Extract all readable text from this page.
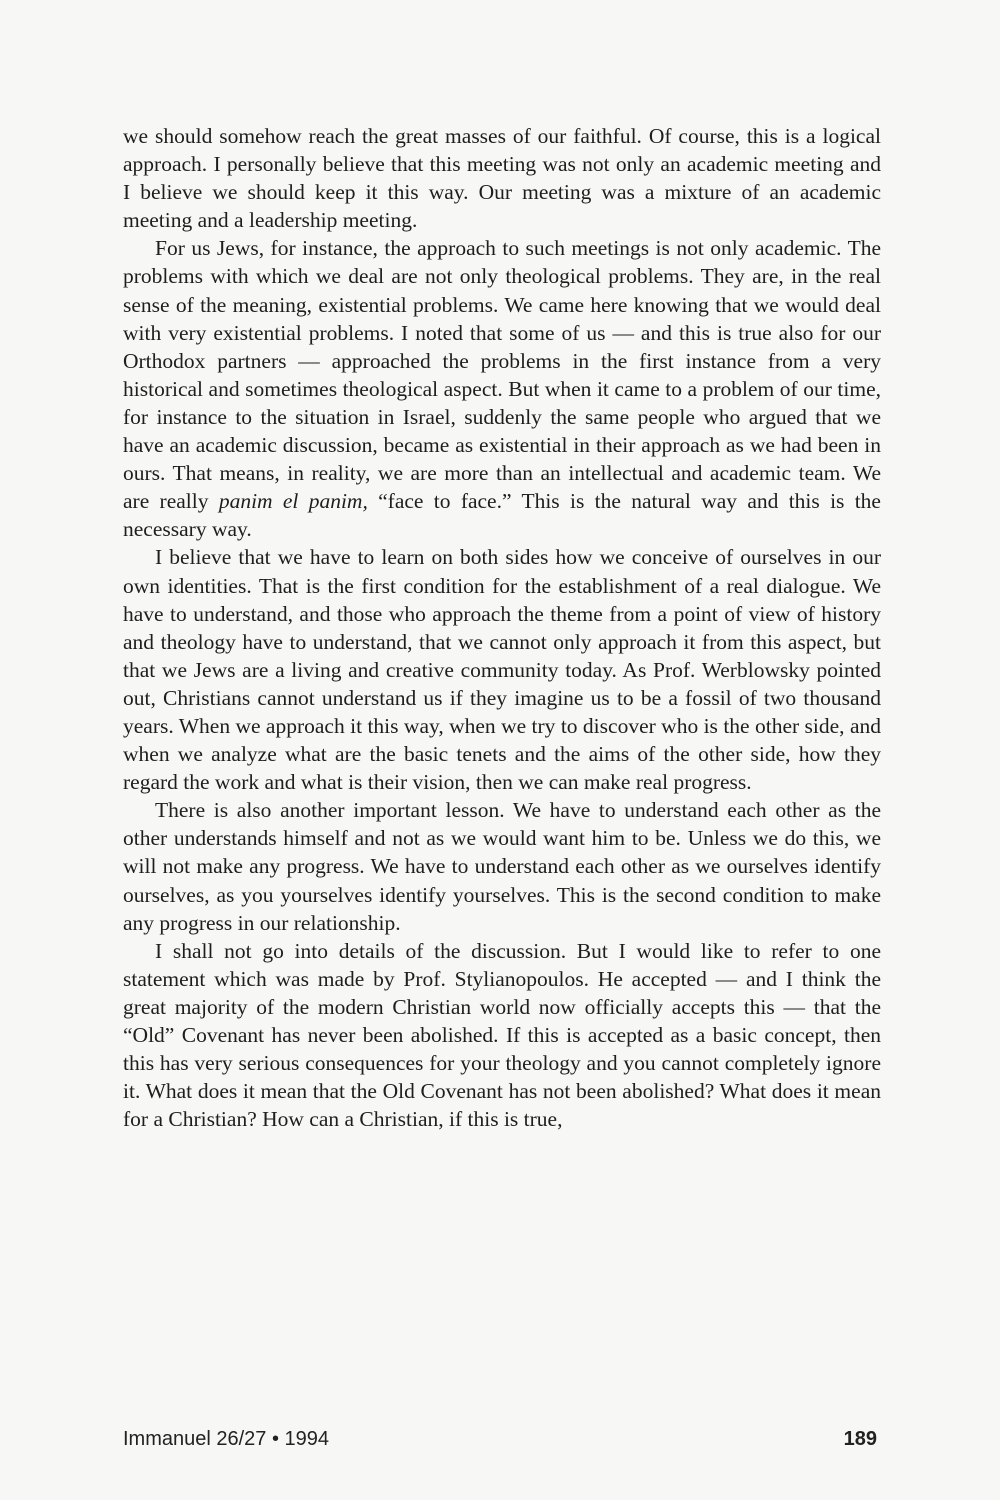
we should somehow reach the great masses of our faithful. Of course, this is a logical approach. I personally believe that this meeting was not only an academic meeting and I believe we should keep it this way. Our meeting was a mixture of an academic meeting and a leadership meeting.

For us Jews, for instance, the approach to such meetings is not only academic. The problems with which we deal are not only theological problems. They are, in the real sense of the meaning, existential problems. We came here knowing that we would deal with very existential problems. I noted that some of us — and this is true also for our Orthodox partners — approached the problems in the first instance from a very historical and sometimes theological aspect. But when it came to a problem of our time, for instance to the situation in Israel, suddenly the same people who argued that we have an academic discussion, became as existential in their approach as we had been in ours. That means, in reality, we are more than an intellectual and academic team. We are really panim el panim, “face to face.” This is the natural way and this is the necessary way.

I believe that we have to learn on both sides how we conceive of ourselves in our own identities. That is the first condition for the establishment of a real dialogue. We have to understand, and those who approach the theme from a point of view of history and theology have to understand, that we cannot only approach it from this aspect, but that we Jews are a living and creative community today. As Prof. Werblowsky pointed out, Christians cannot understand us if they imagine us to be a fossil of two thousand years. When we approach it this way, when we try to discover who is the other side, and when we analyze what are the basic tenets and the aims of the other side, how they regard the work and what is their vision, then we can make real progress.

There is also another important lesson. We have to understand each other as the other understands himself and not as we would want him to be. Unless we do this, we will not make any progress. We have to understand each other as we ourselves identify ourselves, as you yourselves identify yourselves. This is the second condition to make any progress in our relationship.

I shall not go into details of the discussion. But I would like to refer to one statement which was made by Prof. Stylianopoulos. He accepted — and I think the great majority of the modern Christian world now officially accepts this — that the “Old” Covenant has never been abolished. If this is accepted as a basic concept, then this has very serious consequences for your theology and you cannot completely ignore it. What does it mean that the Old Covenant has not been abolished? What does it mean for a Christian? How can a Christian, if this is true,

Immanuel 26/27 • 1994	189
